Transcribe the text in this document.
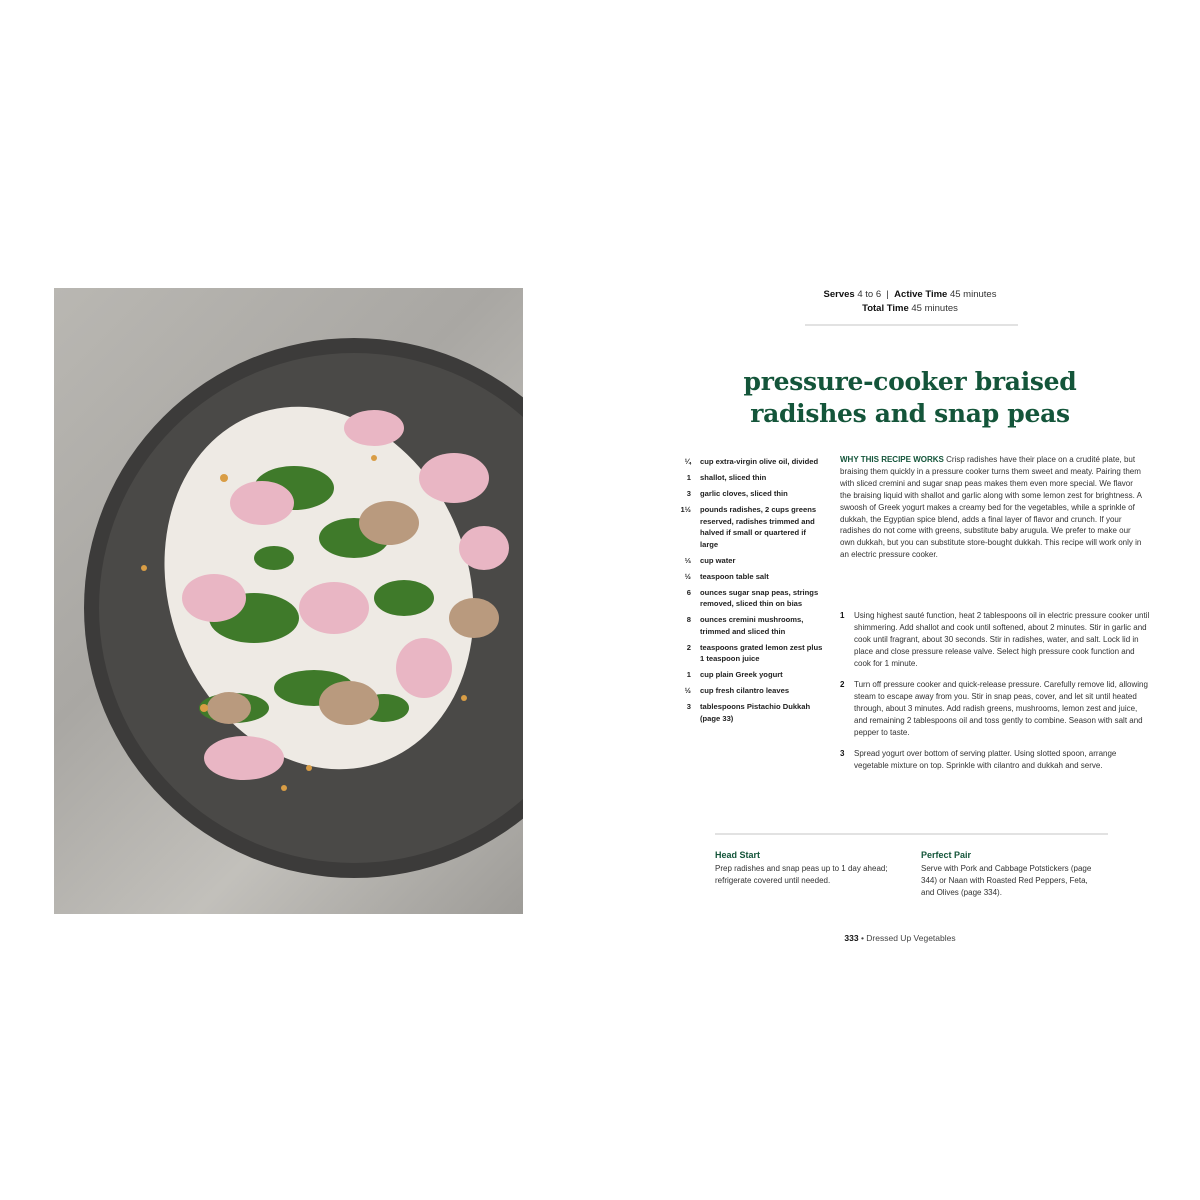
Serves 4 to 6 | Active Time 45 minutes
Total Time 45 minutes
pressure-cooker braised
radishes and snap peas
¼ cup extra-virgin olive oil, divided
1 shallot, sliced thin
3 garlic cloves, sliced thin
1½ pounds radishes, 2 cups greens reserved, radishes trimmed and halved if small or quartered if large
⅓ cup water
½ teaspoon table salt
6 ounces sugar snap peas, strings removed, sliced thin on bias
8 ounces cremini mushrooms, trimmed and sliced thin
2 teaspoons grated lemon zest plus 1 teaspoon juice
1 cup plain Greek yogurt
½ cup fresh cilantro leaves
3 tablespoons Pistachio Dukkah (page 33)
WHY THIS RECIPE WORKS Crisp radishes have their place on a crudité plate, but braising them quickly in a pressure cooker turns them sweet and meaty. Pairing them with sliced cremini and sugar snap peas makes them even more special. We flavor the braising liquid with shallot and garlic along with some lemon zest for brightness. A swoosh of Greek yogurt makes a creamy bed for the vegetables, while a sprinkle of dukkah, the Egyptian spice blend, adds a final layer of flavor and crunch. If your radishes do not come with greens, substitute baby arugula. We prefer to make our own dukkah, but you can substitute store-bought dukkah. This recipe will work only in an electric pressure cooker.
1	Using highest sauté function, heat 2 tablespoons oil in electric pressure cooker until shimmering. Add shallot and cook until softened, about 2 minutes. Stir in garlic and cook until fragrant, about 30 seconds. Stir in radishes, water, and salt. Lock lid in place and close pressure release valve. Select high pressure cook function and cook for 1 minute.
2	Turn off pressure cooker and quick-release pressure. Carefully remove lid, allowing steam to escape away from you. Stir in snap peas, cover, and let sit until heated through, about 3 minutes. Add radish greens, mushrooms, lemon zest and juice, and remaining 2 tablespoons oil and toss gently to combine. Season with salt and pepper to taste.
3	Spread yogurt over bottom of serving platter. Using slotted spoon, arrange vegetable mixture on top. Sprinkle with cilantro and dukkah and serve.
Head Start
Prep radishes and snap peas up to 1 day ahead; refrigerate covered until needed.
Perfect Pair
Serve with Pork and Cabbage Potstickers (page 344) or Naan with Roasted Red Peppers, Feta, and Olives (page 334).
333 • Dressed Up Vegetables
